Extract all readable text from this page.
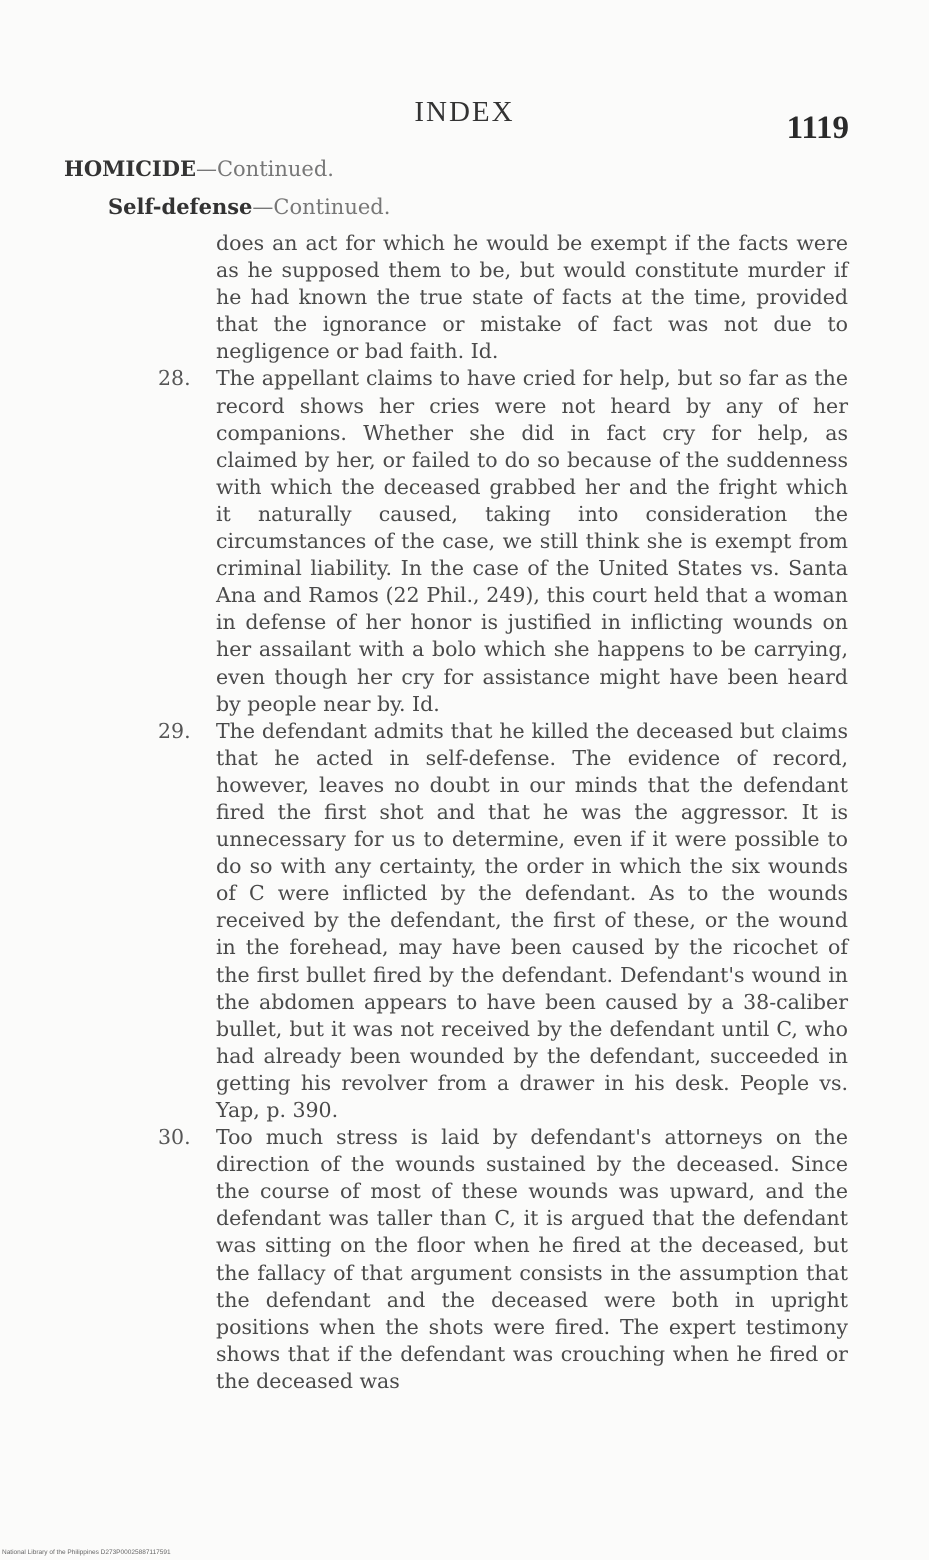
INDEX	1119
HOMICIDE—Continued.
Self-defense—Continued.

does an act for which he would be exempt if the facts were as he supposed them to be, but would constitute murder if he had known the true state of facts at the time, provided that the ignorance or mistake of fact was not due to negligence or bad faith. Id.

28.	The appellant claims to have cried for help, but so far as the record shows her cries were not heard by any of her companions. Whether she did in fact cry for help, as claimed by her, or failed to do so because of the suddenness with which the deceased grabbed her and the fright which it naturally caused, taking into consideration the circumstances of the case, we still think she is exempt from criminal liability. In the case of the United States vs. Santa Ana and Ramos (22 Phil., 249), this court held that a woman in defense of her honor is justified in inflicting wounds on her assailant with a bolo which she happens to be carrying, even though her cry for assistance might have been heard by people near by. Id.
29.	The defendant admits that he killed the deceased but claims that he acted in self-defense. The evidence of record, however, leaves no doubt in our minds that the defendant fired the first shot and that he was the aggressor. It is unnecessary for us to determine, even if it were possible to do so with any certainty, the order in which the six wounds of C were inflicted by the defendant. As to the wounds received by the defendant, the first of these, or the wound in the forehead, may have been caused by the ricochet of the first bullet fired by the defendant. Defendant's wound in the abdomen appears to have been caused by a 38-caliber bullet, but it was not received by the defendant until C, who had already been wounded by the defendant, succeeded in getting his revolver from a drawer in his desk. People vs. Yap, p. 390.
30.	Too much stress is laid by defendant's attorneys on the direction of the wounds sustained by the deceased. Since the course of most of these wounds was upward, and the defendant was taller than C, it is argued that the defendant was sitting on the floor when he fired at the deceased, but the fallacy of that argument consists in the assumption that the defendant and the deceased were both in upright positions when the shots were fired. The expert testimony shows that if the defendant was crouching when he fired or the deceased was
National Library of the Philippines D273P00025887117591
